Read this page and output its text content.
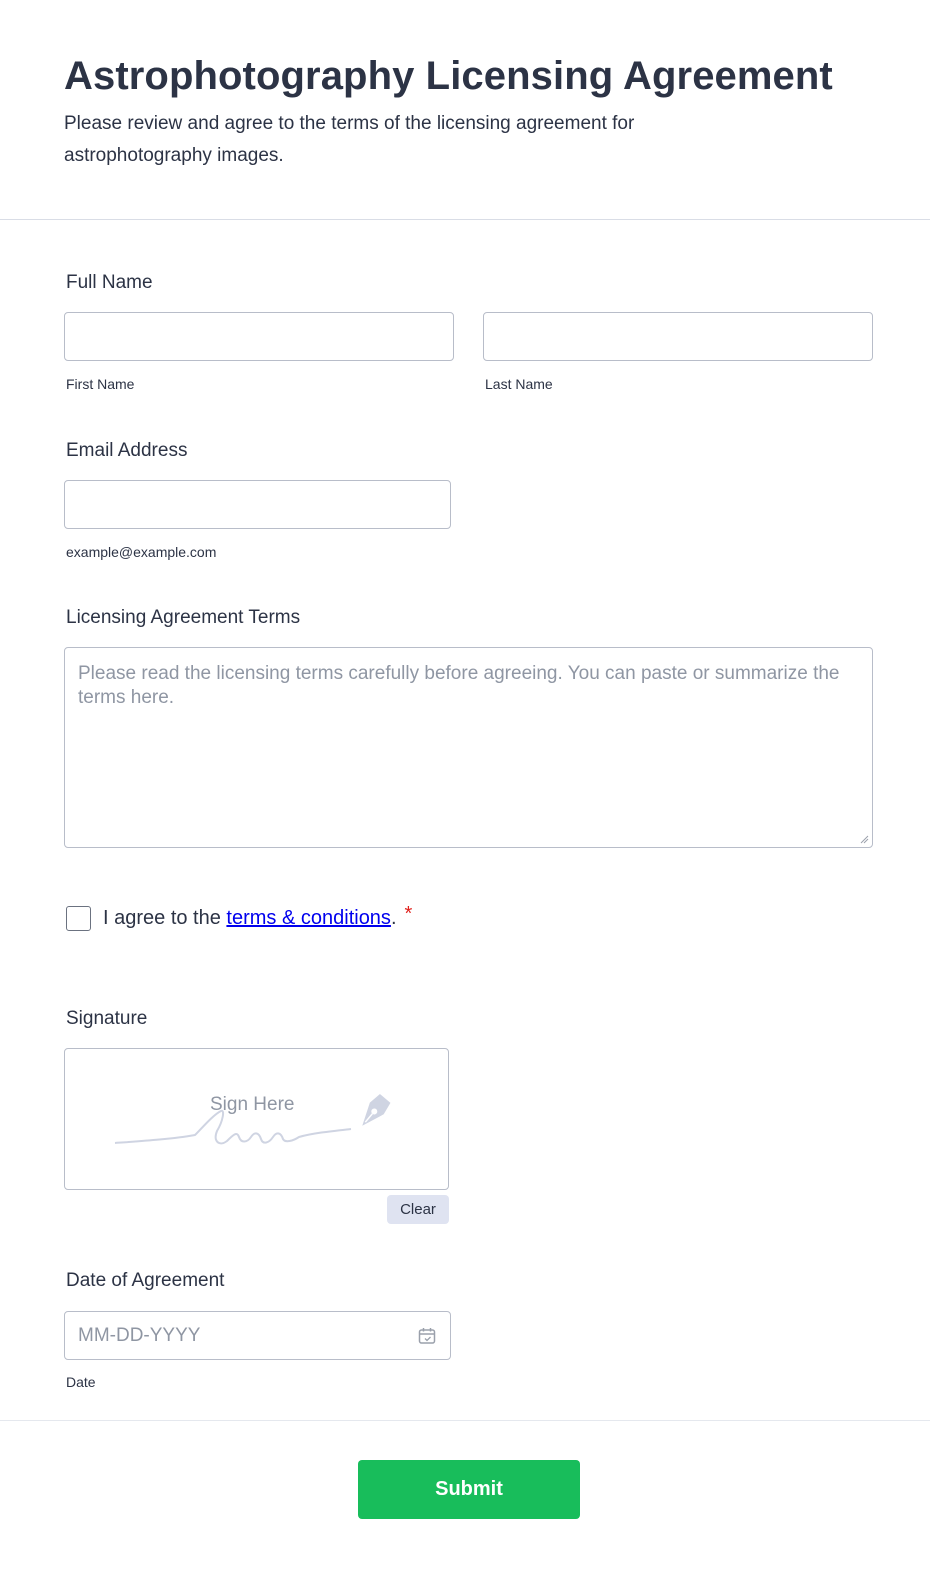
Astrophotography Licensing Agreement

Please review and agree to the terms of the licensing agreement for astrophotography images.

Full Name
First Name	Last Name
Email Address
example@example.com
Licensing Agreement Terms
Please read the licensing terms carefully before agreeing. You can paste or summarize the terms here.
I agree to the terms & conditions. *
Signature
Sign Here
Clear
Date of Agreement
MM-DD-YYYY
Date
Submit
